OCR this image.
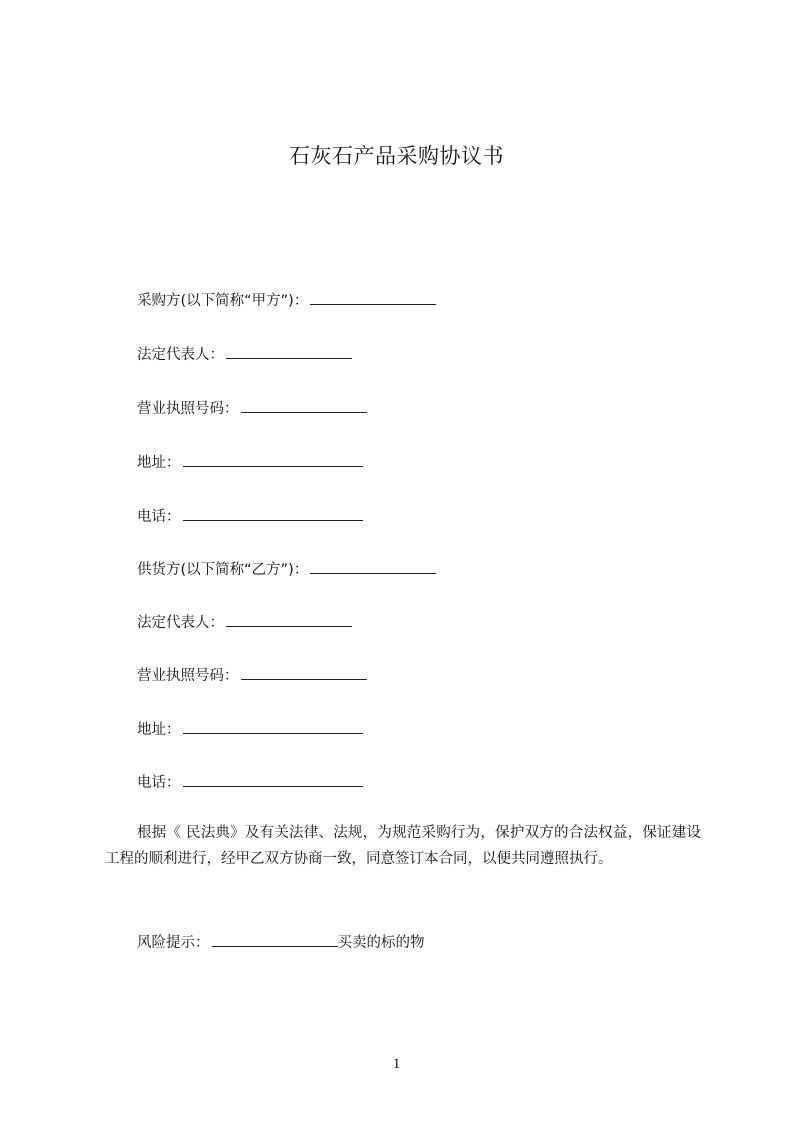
石灰石产品采购协议书
采购方(以下简称“甲方”)：
法定代表人：
营业执照号码：
地址：
电话：
供货方(以下简称“乙方”)：
法定代表人：
营业执照号码：
地址：
电话：
根据《 民法典》及有关法律、法规，为规范采购行为，保护双方的合法权益，保证建设工程的顺利进行，经甲乙双方协商一致，同意签订本合同，以便共同遵照执行。
风险提示：	买卖的标的物
1
